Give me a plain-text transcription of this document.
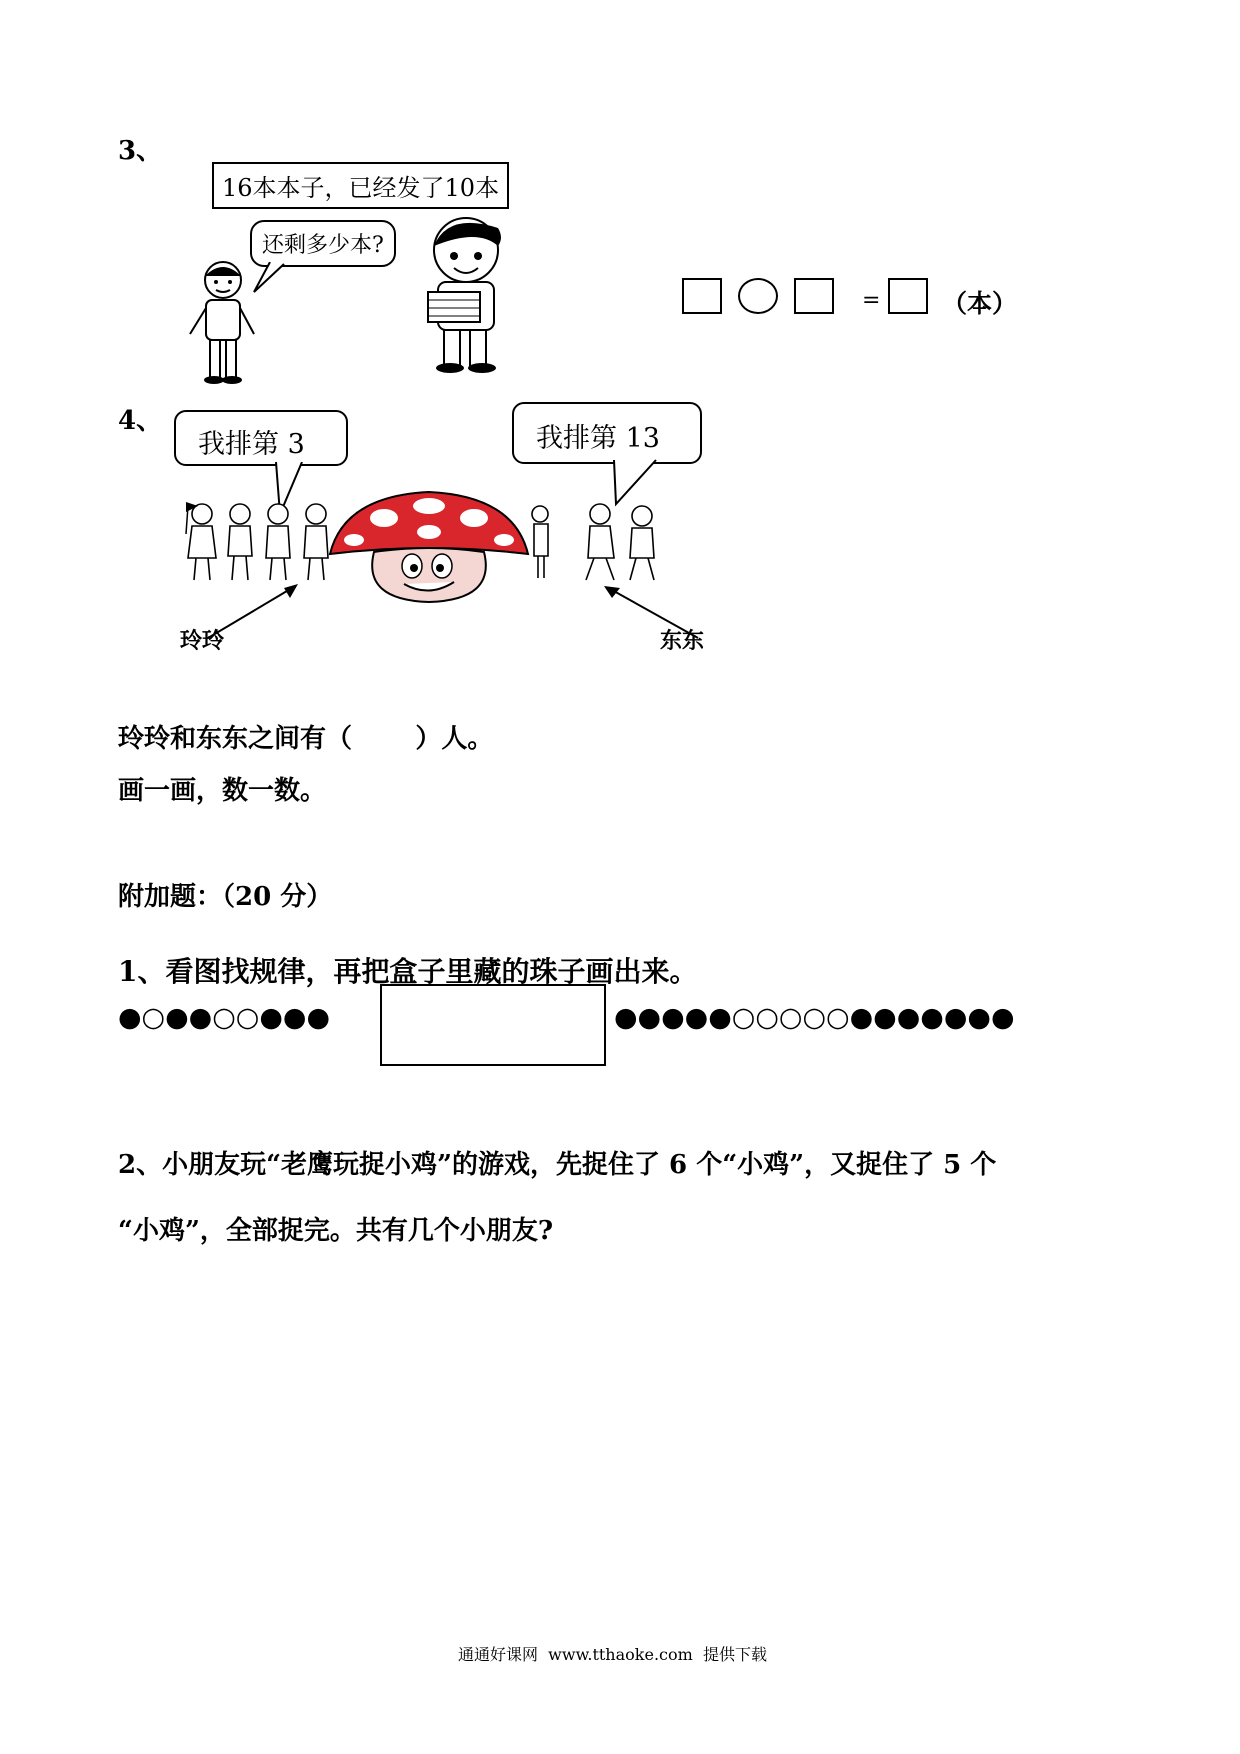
3、
16本本子，已经发了10本
还剩多少本?
= （本）
4、
我排第 3	我排第 13
玲玲	东东
玲玲和东东之间有（       ）人。
画一画，数一数。
附加题：（20 分）
1、看图找规律，再把盒子里藏的珠子画出来。
●○●●○○●●●	●●●●●○○○○○●●●●●●●
2、小朋友玩“老鹰玩捉小鸡”的游戏，先捉住了 6 个“小鸡”，又捉住了 5 个
“小鸡”，全部捉完。共有几个小朋友?
通通好课网  www.tthaoke.com  提供下载
